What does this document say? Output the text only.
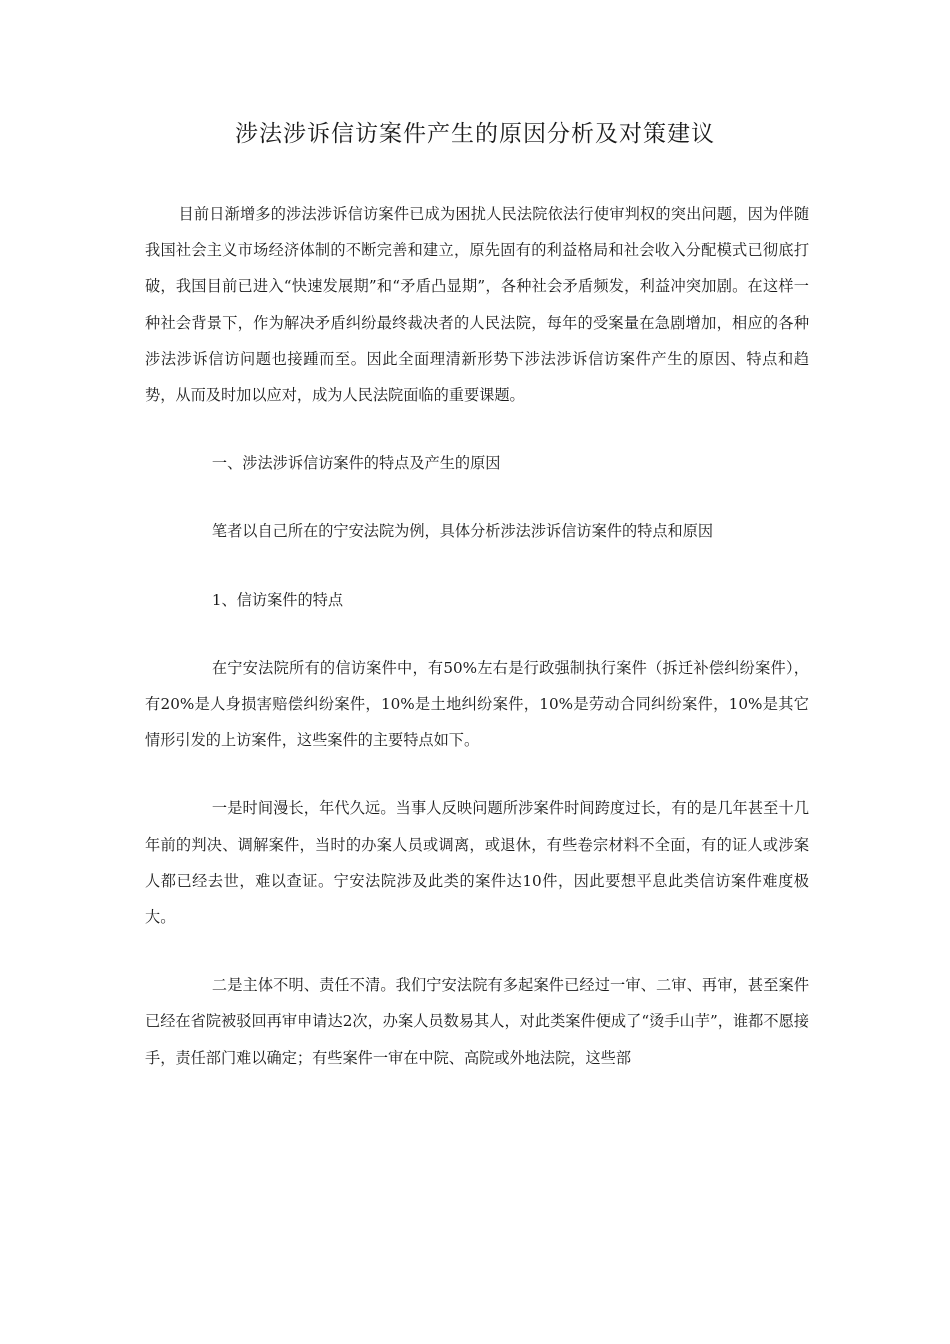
涉法涉诉信访案件产生的原因分析及对策建议

目前日渐增多的涉法涉诉信访案件已成为困扰人民法院依法行使审判权的突出问题，因为伴随我国社会主义市场经济体制的不断完善和建立，原先固有的利益格局和社会收入分配模式已彻底打破，我国目前已进入“快速发展期”和“矛盾凸显期”，各种社会矛盾频发，利益冲突加剧。在这样一种社会背景下，作为解决矛盾纠纷最终裁决者的人民法院，每年的受案量在急剧增加，相应的各种涉法涉诉信访问题也接踵而至。因此全面理清新形势下涉法涉诉信访案件产生的原因、特点和趋势，从而及时加以应对，成为人民法院面临的重要课题。

一、涉法涉诉信访案件的特点及产生的原因

笔者以自己所在的宁安法院为例，具体分析涉法涉诉信访案件的特点和原因

1、信访案件的特点

在宁安法院所有的信访案件中，有50%左右是行政强制执行案件（拆迁补偿纠纷案件），有20%是人身损害赔偿纠纷案件，10%是土地纠纷案件，10%是劳动合同纠纷案件，10%是其它情形引发的上访案件，这些案件的主要特点如下。

一是时间漫长，年代久远。当事人反映问题所涉案件时间跨度过长，有的是几年甚至十几年前的判决、调解案件，当时的办案人员或调离，或退休，有些卷宗材料不全面，有的证人或涉案人都已经去世，难以查证。宁安法院涉及此类的案件达10件，因此要想平息此类信访案件难度极大。

二是主体不明、责任不清。我们宁安法院有多起案件已经过一审、二审、再审，甚至案件已经在省院被驳回再审申请达2次，办案人员数易其人，对此类案件便成了“烫手山芋”，谁都不愿接手，责任部门难以确定；有些案件一审在中院、高院或外地法院，这些部
